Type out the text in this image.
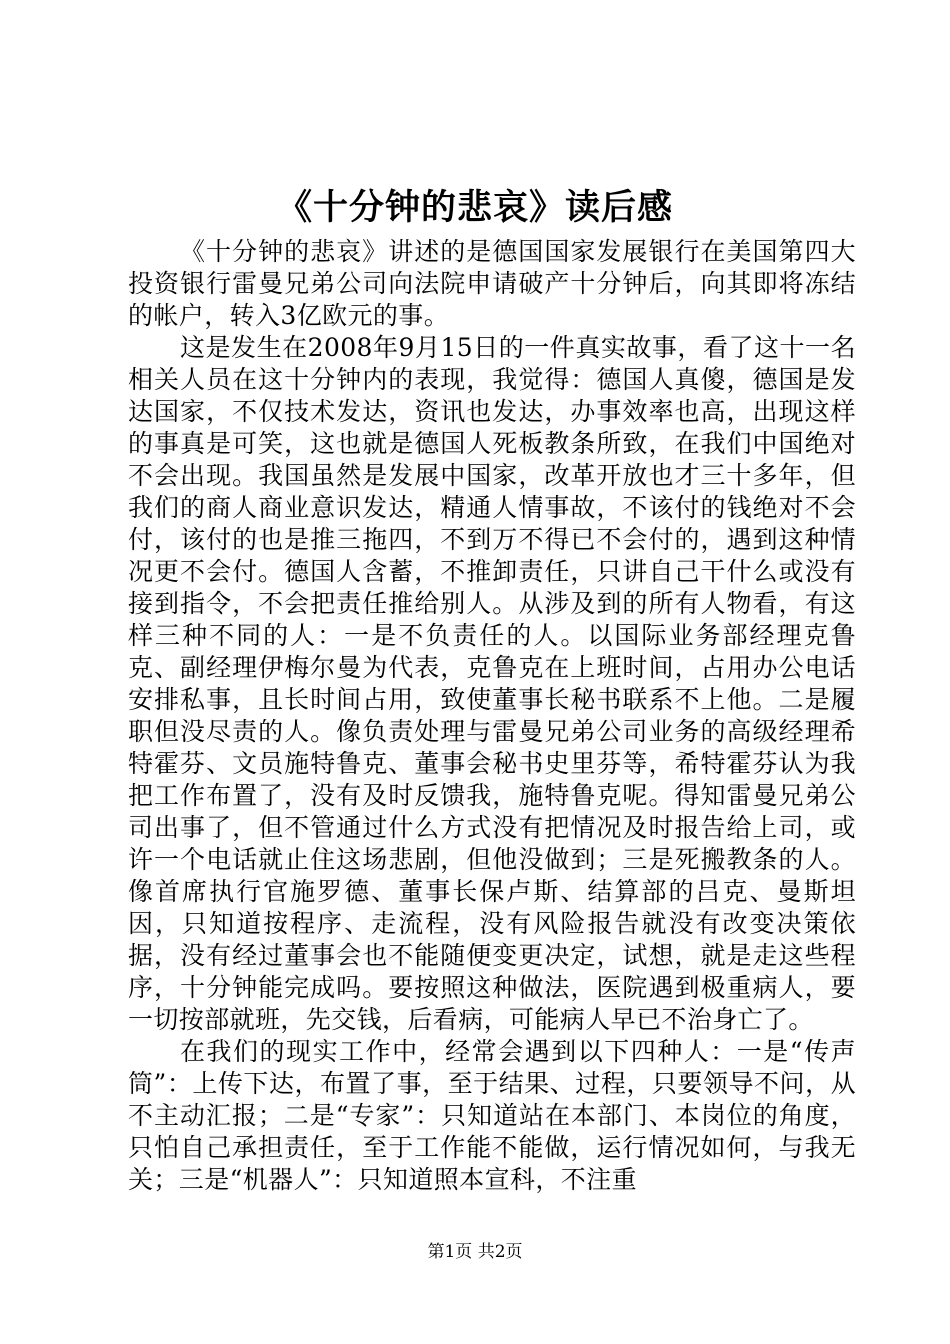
《十分钟的悲哀》读后感

《十分钟的悲哀》讲述的是德国国家发展银行在美国第四大投资银行雷曼兄弟公司向法院申请破产十分钟后，向其即将冻结的帐户，转入3亿欧元的事。

这是发生在2008年9月15日的一件真实故事，看了这十一名相关人员在这十分钟内的表现，我觉得：德国人真傻，德国是发达国家，不仅技术发达，资讯也发达，办事效率也高，出现这样的事真是可笑，这也就是德国人死板教条所致，在我们中国绝对不会出现。我国虽然是发展中国家，改革开放也才三十多年，但我们的商人商业意识发达，精通人情事故，不该付的钱绝对不会付，该付的也是推三拖四，不到万不得已不会付的，遇到这种情况更不会付。德国人含蓄，不推卸责任，只讲自己干什么或没有接到指令，不会把责任推给别人。从涉及到的所有人物看，有这样三种不同的人：一是不负责任的人。以国际业务部经理克鲁克、副经理伊梅尔曼为代表，克鲁克在上班时间，占用办公电话安排私事，且长时间占用，致使董事长秘书联系不上他。二是履职但没尽责的人。像负责处理与雷曼兄弟公司业务的高级经理希特霍芬、文员施特鲁克、董事会秘书史里芬等，希特霍芬认为我把工作布置了，没有及时反馈我，施特鲁克呢。得知雷曼兄弟公司出事了，但不管通过什么方式没有把情况及时报告给上司，或许一个电话就止住这场悲剧，但他没做到；三是死搬教条的人。像首席执行官施罗德、董事长保卢斯、结算部的吕克、曼斯坦因，只知道按程序、走流程，没有风险报告就没有改变决策依据，没有经过董事会也不能随便变更决定，试想，就是走这些程序，十分钟能完成吗。要按照这种做法，医院遇到极重病人，要一切按部就班，先交钱，后看病，可能病人早已不治身亡了。

在我们的现实工作中，经常会遇到以下四种人：一是“传声筒”：上传下达，布置了事，至于结果、过程，只要领导不问，从不主动汇报；二是“专家”：只知道站在本部门、本岗位的角度，只怕自己承担责任，至于工作能不能做，运行情况如何，与我无关；三是“机器人”：只知道照本宣科，不注重

第1页 共2页
